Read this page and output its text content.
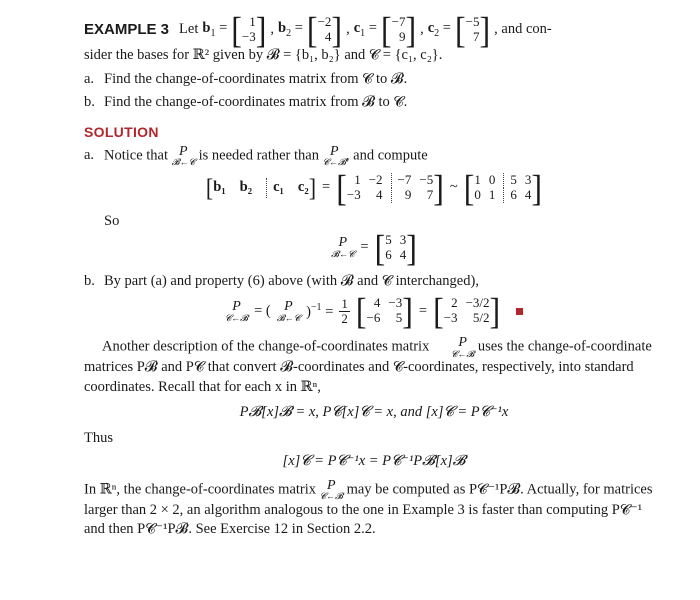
EXAMPLE 3 Let $b_1$ = [ 1
−3 ] , $b_2$ = [ −2
4 ] , $c_1$ = [ −7
9 ] , $c_2$ = [ −5
7 ] , and con-
sider the bases for ℝ² given by 𝓑 = {b₁, b₂} and 𝓒 = {c₁, c₂}.
a. Find the change-of-coordinates matrix from 𝓒 to 𝓑.
b. Find the change-of-coordinates matrix from 𝓑 to 𝓒.
SOLUTION
a. Notice that P
𝓑←𝓒 is needed rather than P
𝓒←𝓑 , and compute
[ b₁ b₂	c₁ c₂ ] = [ 1 −2	−7 −5
−3	4	9	7 ] ~ [ 1 0	5 3
0 1	6 4 ]
So
P
𝓑←𝓒 = [ 5 3
6 4 ]
b. By part (a) and property (6) above (with 𝓑 and 𝓒 interchanged),
P
𝓒←𝓑 = ( P
𝓑←𝓒 )$^{-1} = \frac{1}{2}$ [ 4 −3
−6	5 ] = [ 2 −3/2
−3	5/2 ]

Another description of the change-of-coordinates matrix	P
𝓒←𝓑 uses the change-of-coordinate matrices P𝓑 and P𝓒 that convert 𝓑-coordinates and 𝓒-coordinates, respectively, into standard coordinates. Recall that for each x in ℝⁿ,

P𝓑[x]𝓑 = x, P𝓒[x]𝓒 = x, and [x]𝓒 = P𝓒⁻¹x
Thus
[x]𝓒 = P𝓒⁻¹x = P𝓒⁻¹P𝓑[x]𝓑

In ℝⁿ, the change-of-coordinates matrix P
𝓒←𝓑 may be computed as P𝓒⁻¹P𝓑. Actually, for matrices larger than 2 × 2, an algorithm analogous to the one in Example 3 is faster than computing P𝓒⁻¹ and then P𝓒⁻¹P𝓑. See Exercise 12 in Section 2.2.
